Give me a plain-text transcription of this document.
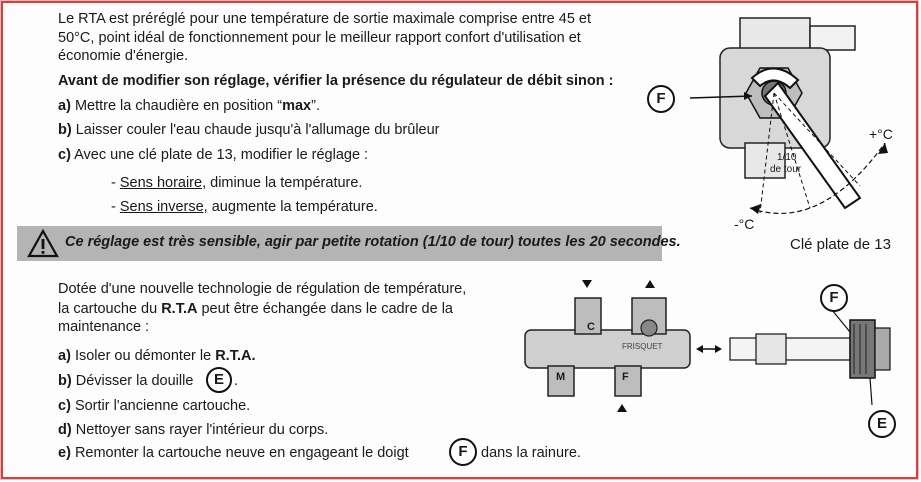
Le RTA est préréglé pour une température de sortie maximale comprise entre 45 et
50°C, point idéal de fonctionnement pour le meilleur rapport confort d'utilisation et
économie d'énergie.
Avant de modifier son réglage, vérifier la présence du régulateur de débit sinon :
a) Mettre la chaudière en position “max”.
b) Laisser couler l'eau chaude jusqu'à l'allumage du brûleur
c) Avec une clé plate de 13, modifier le réglage :
- Sens horaire, diminue la température.
- Sens inverse, augmente la température.
Ce réglage est très sensible, agir par petite rotation (1/10 de tour) toutes les 20 secondes.
F
+°C
-°C
1/10
de tour
Clé plate de 13
Dotée d'une nouvelle technologie de régulation de température,
la cartouche du R.T.A peut être échangée dans le cadre de la
maintenance :
a) Isoler ou démonter le R.T.A.
b) Dévisser la douille	E .
c) Sortir l'ancienne cartouche.
d) Nettoyer sans rayer l'intérieur du corps.
e) Remonter la cartouche neuve en engageant le doigt	F dans la rainure.
C
M	F
FRISQUET
F
E
